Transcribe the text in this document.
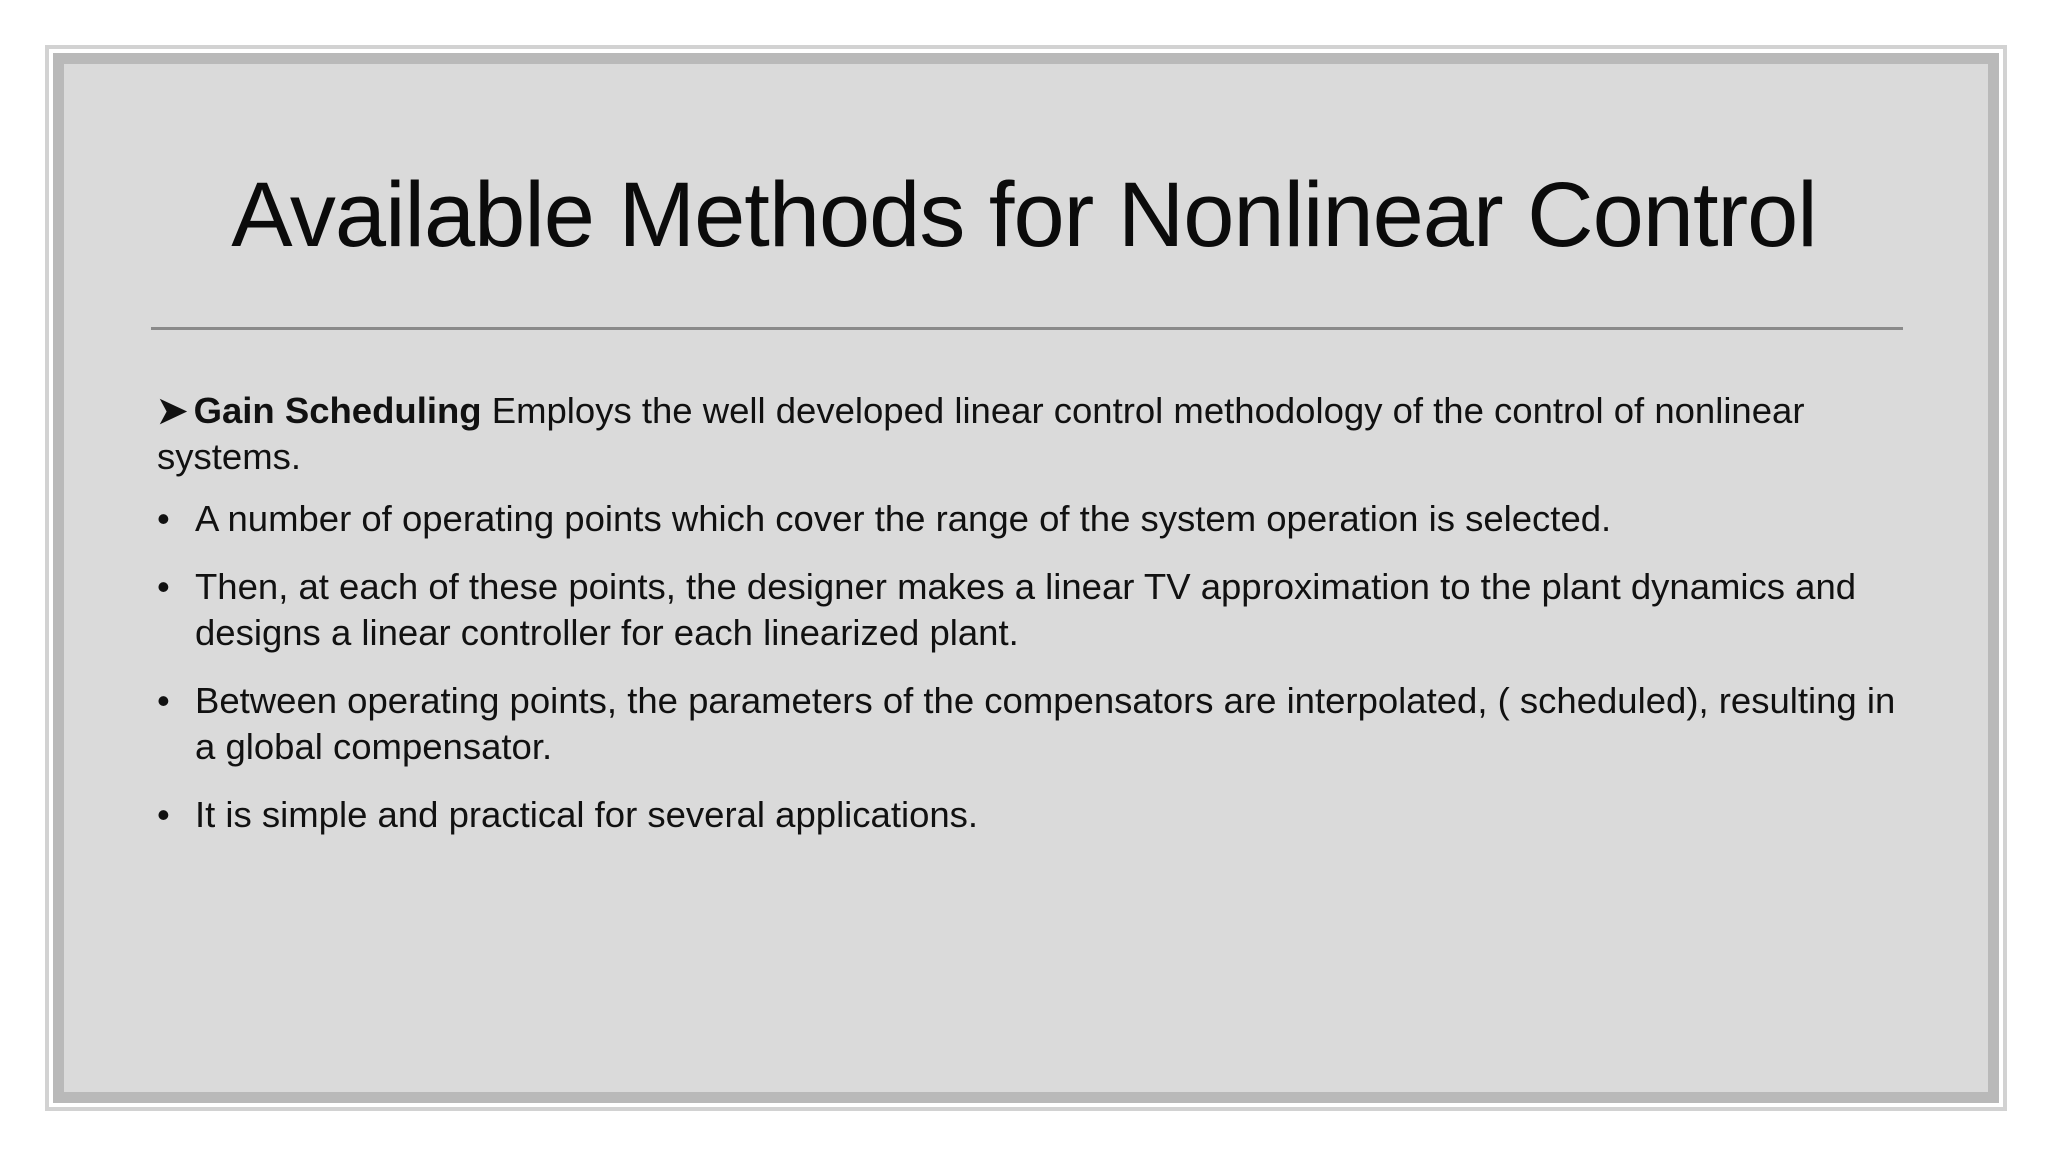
Available Methods for Nonlinear Control

➤ Gain Scheduling Employs the well developed linear control methodology of the control of nonlinear systems.

• A number of operating points which cover the range of the system operation is selected.
• Then, at each of these points, the designer makes a linear TV approximation to the plant dynamics and designs a linear controller for each linearized plant.
• Between operating points, the parameters of the compensators are interpolated, ( scheduled), resulting in a global compensator.
• It is simple and practical for several applications.
